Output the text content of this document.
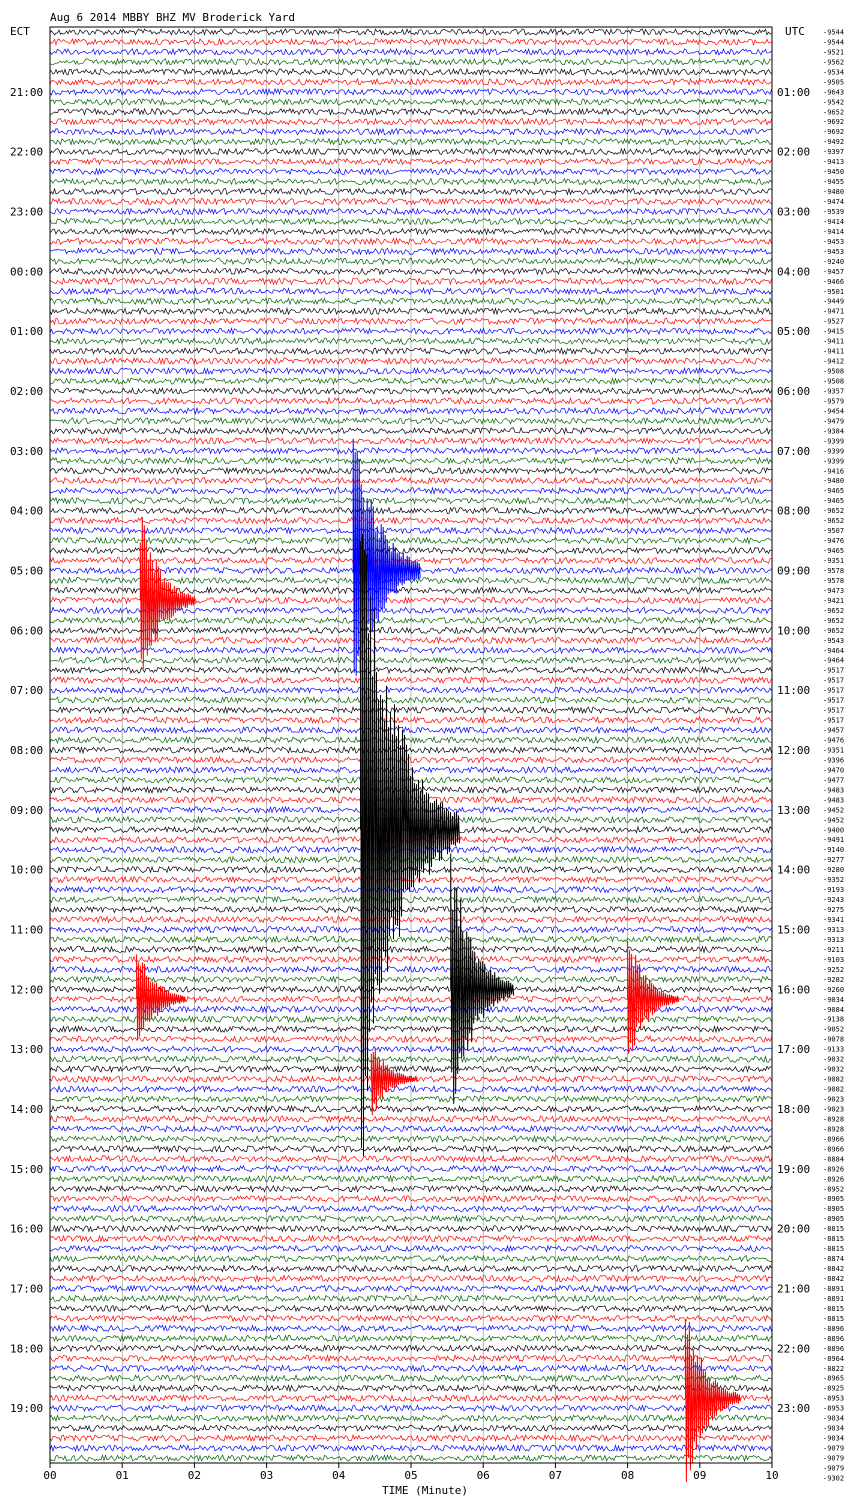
Aug 6 2014 MBBY BHZ MV Broderick Yard
ECT	UTC
21:00
22:00
23:00
00:00
01:00
02:00
03:00
04:00
05:00
06:00
07:00
08:00
09:00
10:00
11:00
12:00
13:00
14:00
15:00
16:00
17:00
18:00
19:00
01:00
02:00
03:00
04:00
05:00
06:00
07:00
08:00
09:00
10:00
11:00
12:00
13:00
14:00
15:00
16:00
17:00
18:00
19:00
20:00
21:00
22:00
23:00
-9544
-9544
-9521
-9562
-9534
-9505
-9643
-9542
-9652
-9692
-9692
-9492
-9397
-9413
-9450
-9455
-9480
-9474
-9539
-9414
-9414
-9453
-9453
-9240
-9457
-9466
-9501
-9449
-9471
-9527
-9415
-9411
-9411
-9412
-9508
-9508
-9357
-9579
-9454
-9479
-9384
-9399
-9399
-9399
-9416
-9480
-9465
-9465
-9652
-9652
-9507
-9476
-9465
-9351
-9578
-9578
-9473
-9421
-9652
-9652
-9652
-9543
-9464
-9464
-9517
-9517
-9517
-9517
-9517
-9517
-9457
-9476
-9351
-9396
-9470
-9477
-9483
-9483
-9452
-9452
-9400
-9491
-9140
-9277
-9280
-9352
-9193
-9243
-9275
-9341
-9313
-9313
-9211
-9103
-9252
-9282
-9260
-9034
-9084
-9138
-9052
-9078
-9133
-9032
-9032
-9082
-9082
-9023
-9023
-8928
-8928
-8966
-8966
-8884
-8926
-8926
-8952
-8905
-8905
-8905
-8815
-8815
-8815
-8874
-8842
-8842
-8891
-8891
-8815
-8815
-8896
-8896
-8896
-8964
-8822
-8965
-8925
-8953
-8953
-9034
-9034
-9034
-9079
-9079
-9079
-9302
00	01	02	03	04	05	06	07	08	09	10
TIME (Minute)
